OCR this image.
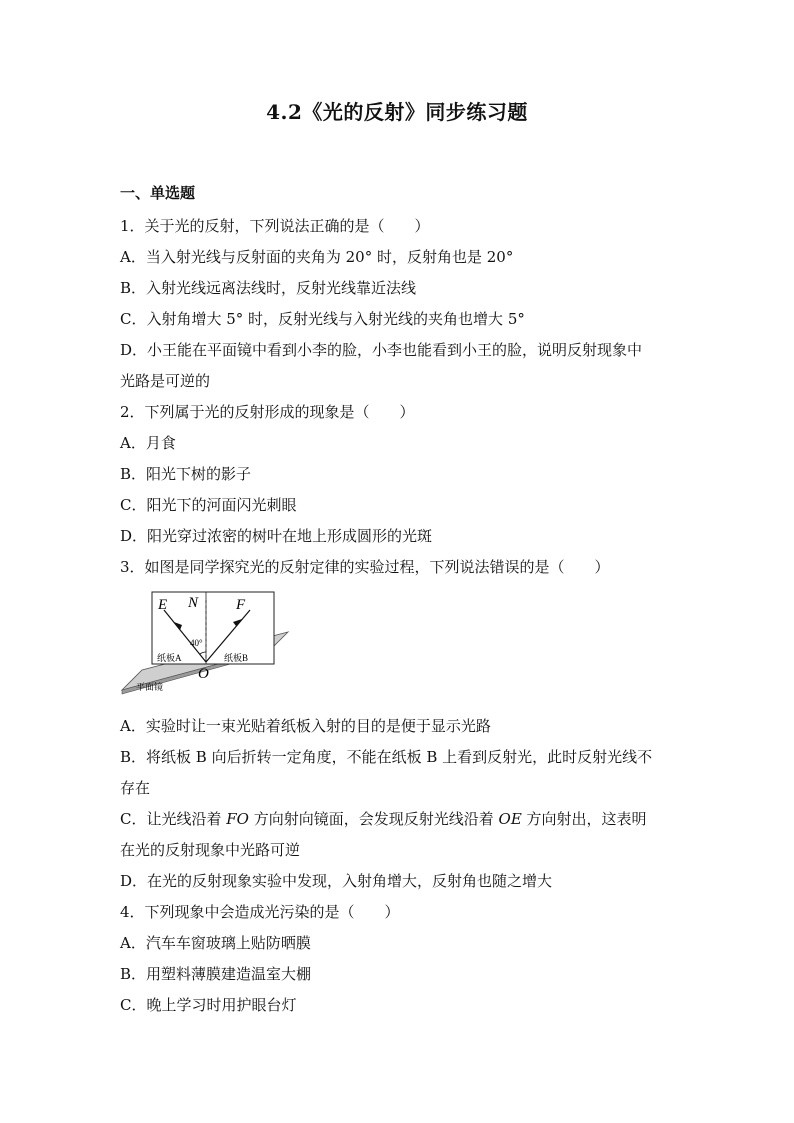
4.2《光的反射》同步练习题
一、单选题
1．关于光的反射，下列说法正确的是（　　）
A．当入射光线与反射面的夹角为 20° 时，反射角也是 20°
B．入射光线远离法线时，反射光线靠近法线
C．入射角增大 5° 时，反射光线与入射光线的夹角也增大 5°
D．小王能在平面镜中看到小李的脸，小李也能看到小王的脸，说明反射现象中
光路是可逆的
2．下列属于光的反射形成的现象是（　　）
A．月食
B．阳光下树的影子
C．阳光下的河面闪光刺眼
D．阳光穿过浓密的树叶在地上形成圆形的光斑
3．如图是同学探究光的反射定律的实验过程，下列说法错误的是（　　）
E N	F
O
40°
纸板A	纸板B
平面镜
A．实验时让一束光贴着纸板入射的目的是便于显示光路
B．将纸板 B 向后折转一定角度，不能在纸板 B 上看到反射光，此时反射光线不
存在
C．让光线沿着 FO 方向射向镜面，会发现反射光线沿着 OE 方向射出，这表明
在光的反射现象中光路可逆
D．在光的反射现象实验中发现，入射角增大，反射角也随之增大
4．下列现象中会造成光污染的是（　　）
A．汽车车窗玻璃上贴防晒膜
B．用塑料薄膜建造温室大棚
C．晚上学习时用护眼台灯
